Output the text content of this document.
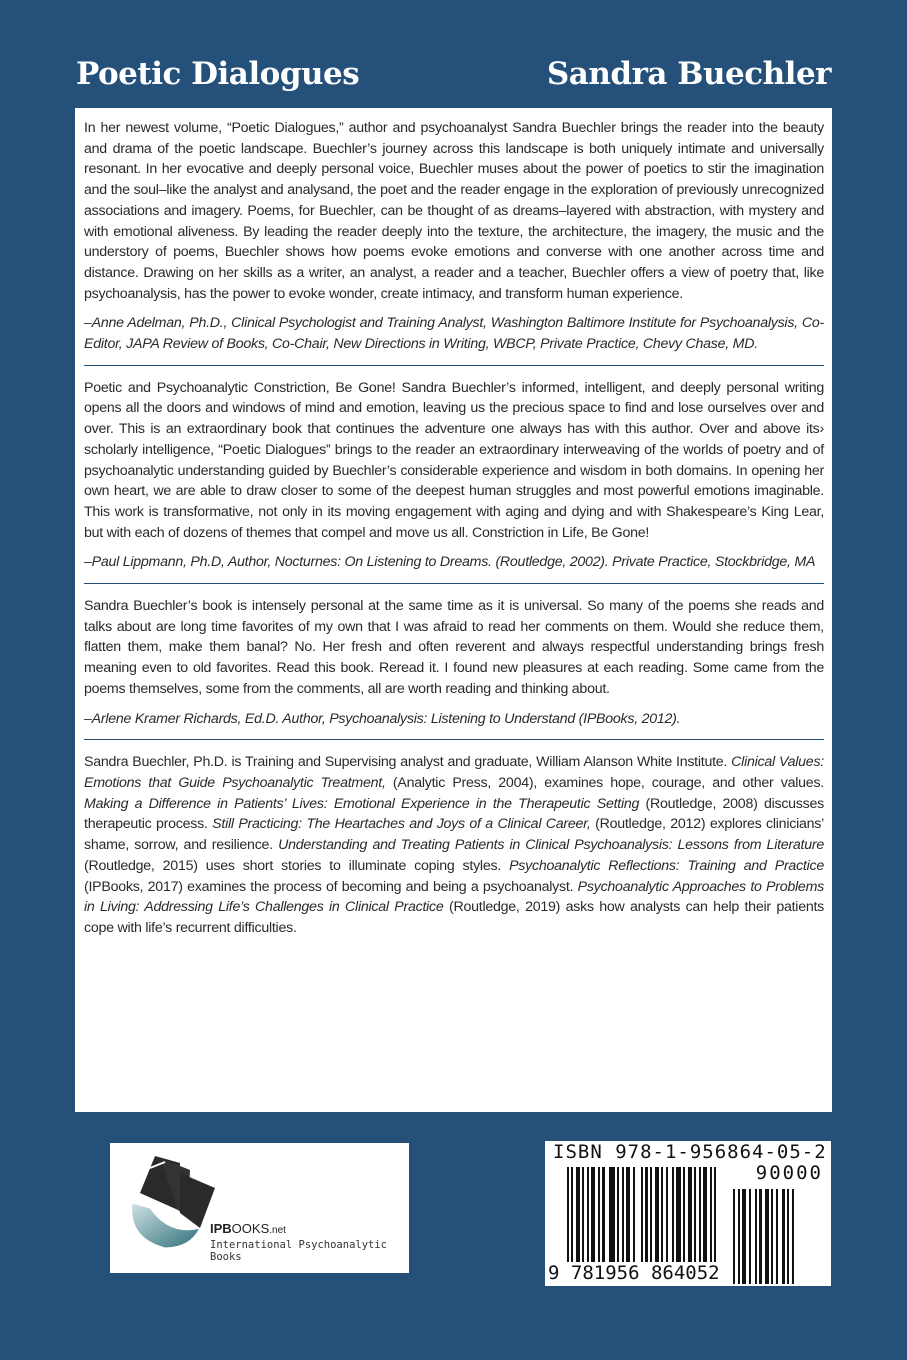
Poetic Dialogues	Sandra Buechler

In her newest volume, “Poetic Dialogues,” author and psychoanalyst Sandra Buechler brings the reader into the beauty and drama of the poetic landscape. Buechler’s journey across this landscape is both uniquely intimate and universally resonant. In her evocative and deeply personal voice, Buechler muses about the power of poetics to stir the imagination and the soul–like the analyst and analysand, the poet and the reader engage in the exploration of previously unrecognized associations and imagery. Poems, for Buechler, can be thought of as dreams–layered with abstraction, with mystery and with emotional aliveness. By leading the reader deeply into the texture, the architecture, the imagery, the music and the understory of poems, Buechler shows how poems evoke emotions and converse with one another across time and distance. Drawing on her skills as a writer, an analyst, a reader and a teacher, Buechler offers a view of poetry that, like psychoanalysis, has the power to evoke wonder, create intimacy, and transform human experience.

–Anne Adelman, Ph.D., Clinical Psychologist and Training Analyst, Washington Baltimore Institute for Psychoanalysis, Co-Editor, JAPA Review of Books, Co-Chair, New Directions in Writing, WBCP, Private Practice, Chevy Chase, MD.

Poetic and Psychoanalytic Constriction, Be Gone! Sandra Buechler’s informed, intelligent, and deeply personal writing opens all the doors and windows of mind and emotion, leaving us the precious space to find and lose ourselves over and over. This is an extraordinary book that continues the adventure one always has with this author. Over and above its› scholarly intelligence, “Poetic Dialogues” brings to the reader an extraordinary interweaving of the worlds of poetry and of psychoanalytic understanding guided by Buechler’s considerable experience and wisdom in both domains. In opening her own heart, we are able to draw closer to some of the deepest human struggles and most powerful emotions imaginable. This work is transformative, not only in its moving engagement with aging and dying and with Shakespeare’s King Lear, but with each of dozens of themes that compel and move us all. Constriction in Life, Be Gone!

–Paul Lippmann, Ph.D, Author, Nocturnes: On Listening to Dreams. (Routledge, 2002). Private Practice, Stockbridge, MA

Sandra Buechler’s book is intensely personal at the same time as it is universal. So many of the poems she reads and talks about are long time favorites of my own that I was afraid to read her comments on them. Would she reduce them, flatten them, make them banal? No. Her fresh and often reverent and always respectful understanding brings fresh meaning even to old favorites. Read this book. Reread it. I found new pleasures at each reading. Some came from the poems themselves, some from the comments, all are worth reading and thinking about.

–Arlene Kramer Richards, Ed.D. Author, Psychoanalysis: Listening to Understand (IPBooks, 2012).

Sandra Buechler, Ph.D. is Training and Supervising analyst and graduate, William Alanson White Institute. Clinical Values: Emotions that Guide Psychoanalytic Treatment, (Analytic Press, 2004), examines hope, courage, and other values. Making a Difference in Patients’ Lives: Emotional Experience in the Therapeutic Setting (Routledge, 2008) discusses therapeutic process. Still Practicing: The Heartaches and Joys of a Clinical Career, (Routledge, 2012) explores clinicians’ shame, sorrow, and resilience. Understanding and Treating Patients in Clinical Psychoanalysis: Lessons from Literature (Routledge, 2015) uses short stories to illuminate coping styles. Psychoanalytic Reflections: Training and Practice (IPBooks, 2017) examines the process of becoming and being a psychoanalyst. Psychoanalytic Approaches to Problems in Living: Addressing Life’s Challenges in Clinical Practice (Routledge, 2019) asks how analysts can help their patients cope with life’s recurrent difficulties.

IPBOOKS.net
International Psychoanalytic Books
ISBN 978-1-956864-05-2
90000
9 781956 864052
